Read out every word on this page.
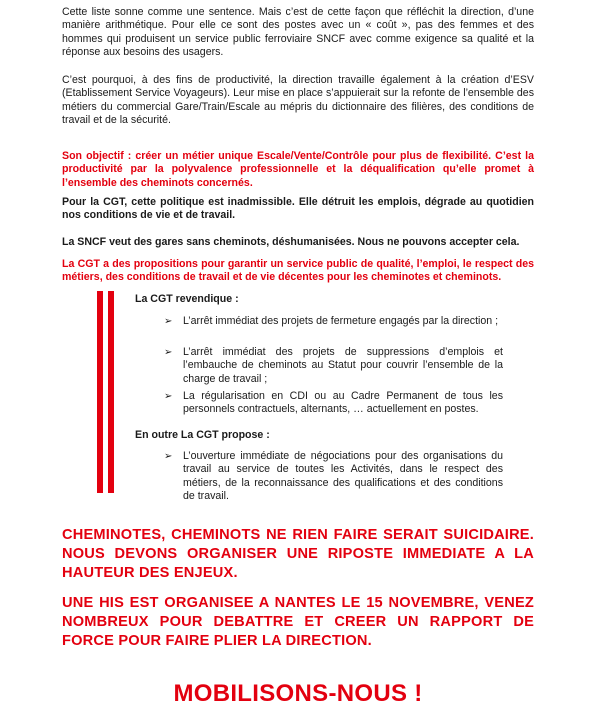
Cette liste sonne comme une sentence. Mais c’est de cette façon que réfléchit la direction, d’une manière arithmétique. Pour elle ce sont des postes avec un « coût », pas des femmes et des hommes qui produisent un service public ferroviaire SNCF avec comme exigence sa qualité et la réponse aux besoins des usagers.

C’est pourquoi, à des fins de productivité, la direction travaille également à la création d’ESV (Etablissement Service Voyageurs). Leur mise en place s’appuierait sur la refonte de l’ensemble des métiers du commercial Gare/Train/Escale au mépris du dictionnaire des filières, des conditions de travail et de la sécurité.

Son objectif : créer un métier unique Escale/Vente/Contrôle pour plus de flexibilité. C’est la productivité par la polyvalence professionnelle et la déqualification qu’elle promet à l’ensemble des cheminots concernés.

Pour la CGT, cette politique est inadmissible. Elle détruit les emplois, dégrade au quotidien nos conditions de vie et de travail.

La SNCF veut des gares sans cheminots, déshumanisées. Nous ne pouvons accepter cela.

La CGT a des propositions pour garantir un service public de qualité, l’emploi, le respect des métiers, des conditions de travail et de vie décentes pour les cheminotes et cheminots.

La CGT revendique :
➢ L’arrêt immédiat des projets de fermeture engagés par la direction ;
➢ L’arrêt immédiat des projets de suppressions d’emplois et l’embauche de cheminots au Statut pour couvrir l’ensemble de la charge de travail ;
➢ La régularisation en CDI ou au Cadre Permanent de tous les personnels contractuels, alternants, … actuellement en postes.
En outre La CGT propose :
➢ L’ouverture immédiate de négociations pour des organisations du travail au service de toutes les Activités, dans le respect des métiers, de la reconnaissance des qualifications et des conditions de travail.
CHEMINOTES, CHEMINOTS NE RIEN FAIRE SERAIT SUICIDAIRE. NOUS DEVONS ORGANISER UNE RIPOSTE IMMEDIATE A LA HAUTEUR DES ENJEUX.
UNE HIS EST ORGANISEE A NANTES LE 15 NOVEMBRE, VENEZ NOMBREUX POUR DEBATTRE ET CREER UN RAPPORT DE FORCE POUR FAIRE PLIER LA DIRECTION.
MOBILISONS-NOUS !
